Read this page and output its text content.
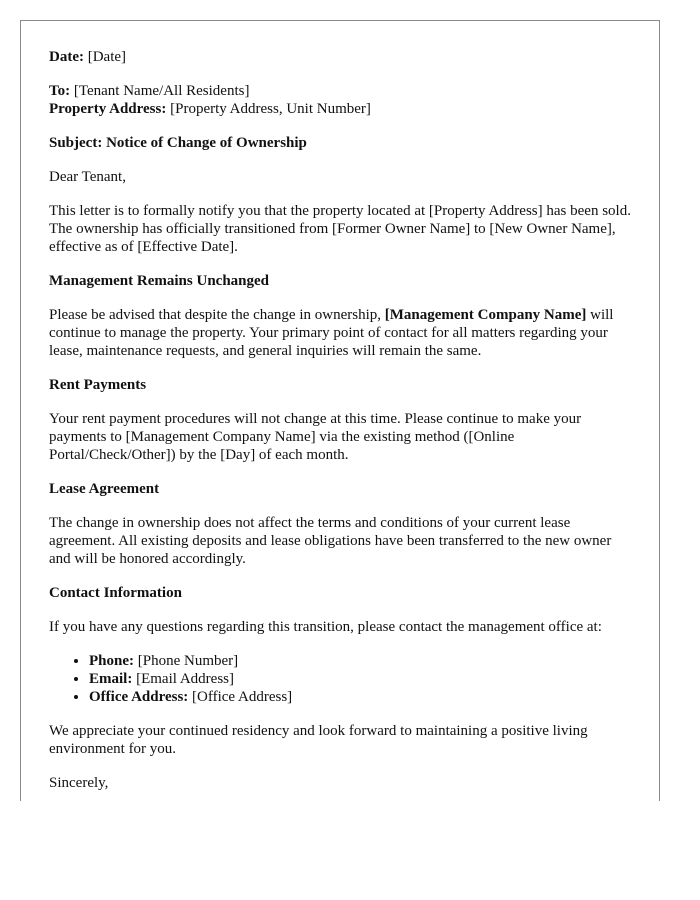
Date: [Date]

To: [Tenant Name/All Residents]

Property Address: [Property Address, Unit Number]

Subject: Notice of Change of Ownership

Dear Tenant,

This letter is to formally notify you that the property located at [Property Address] has been sold. The ownership has officially transitioned from [Former Owner Name] to [New Owner Name], effective as of [Effective Date].

Management Remains Unchanged

Please be advised that despite the change in ownership, [Management Company Name] will continue to manage the property. Your primary point of contact for all matters regarding your lease, maintenance requests, and general inquiries will remain the same.

Rent Payments

Your rent payment procedures will not change at this time. Please continue to make your payments to [Management Company Name] via the existing method ([Online Portal/Check/Other]) by the [Day] of each month.

Lease Agreement

The change in ownership does not affect the terms and conditions of your current lease agreement. All existing deposits and lease obligations have been transferred to the new owner and will be honored accordingly.

Contact Information

If you have any questions regarding this transition, please contact the management office at:

• Phone: [Phone Number]
• Email: [Email Address]
• Office Address: [Office Address]

We appreciate your continued residency and look forward to maintaining a positive living environment for you.

Sincerely,
